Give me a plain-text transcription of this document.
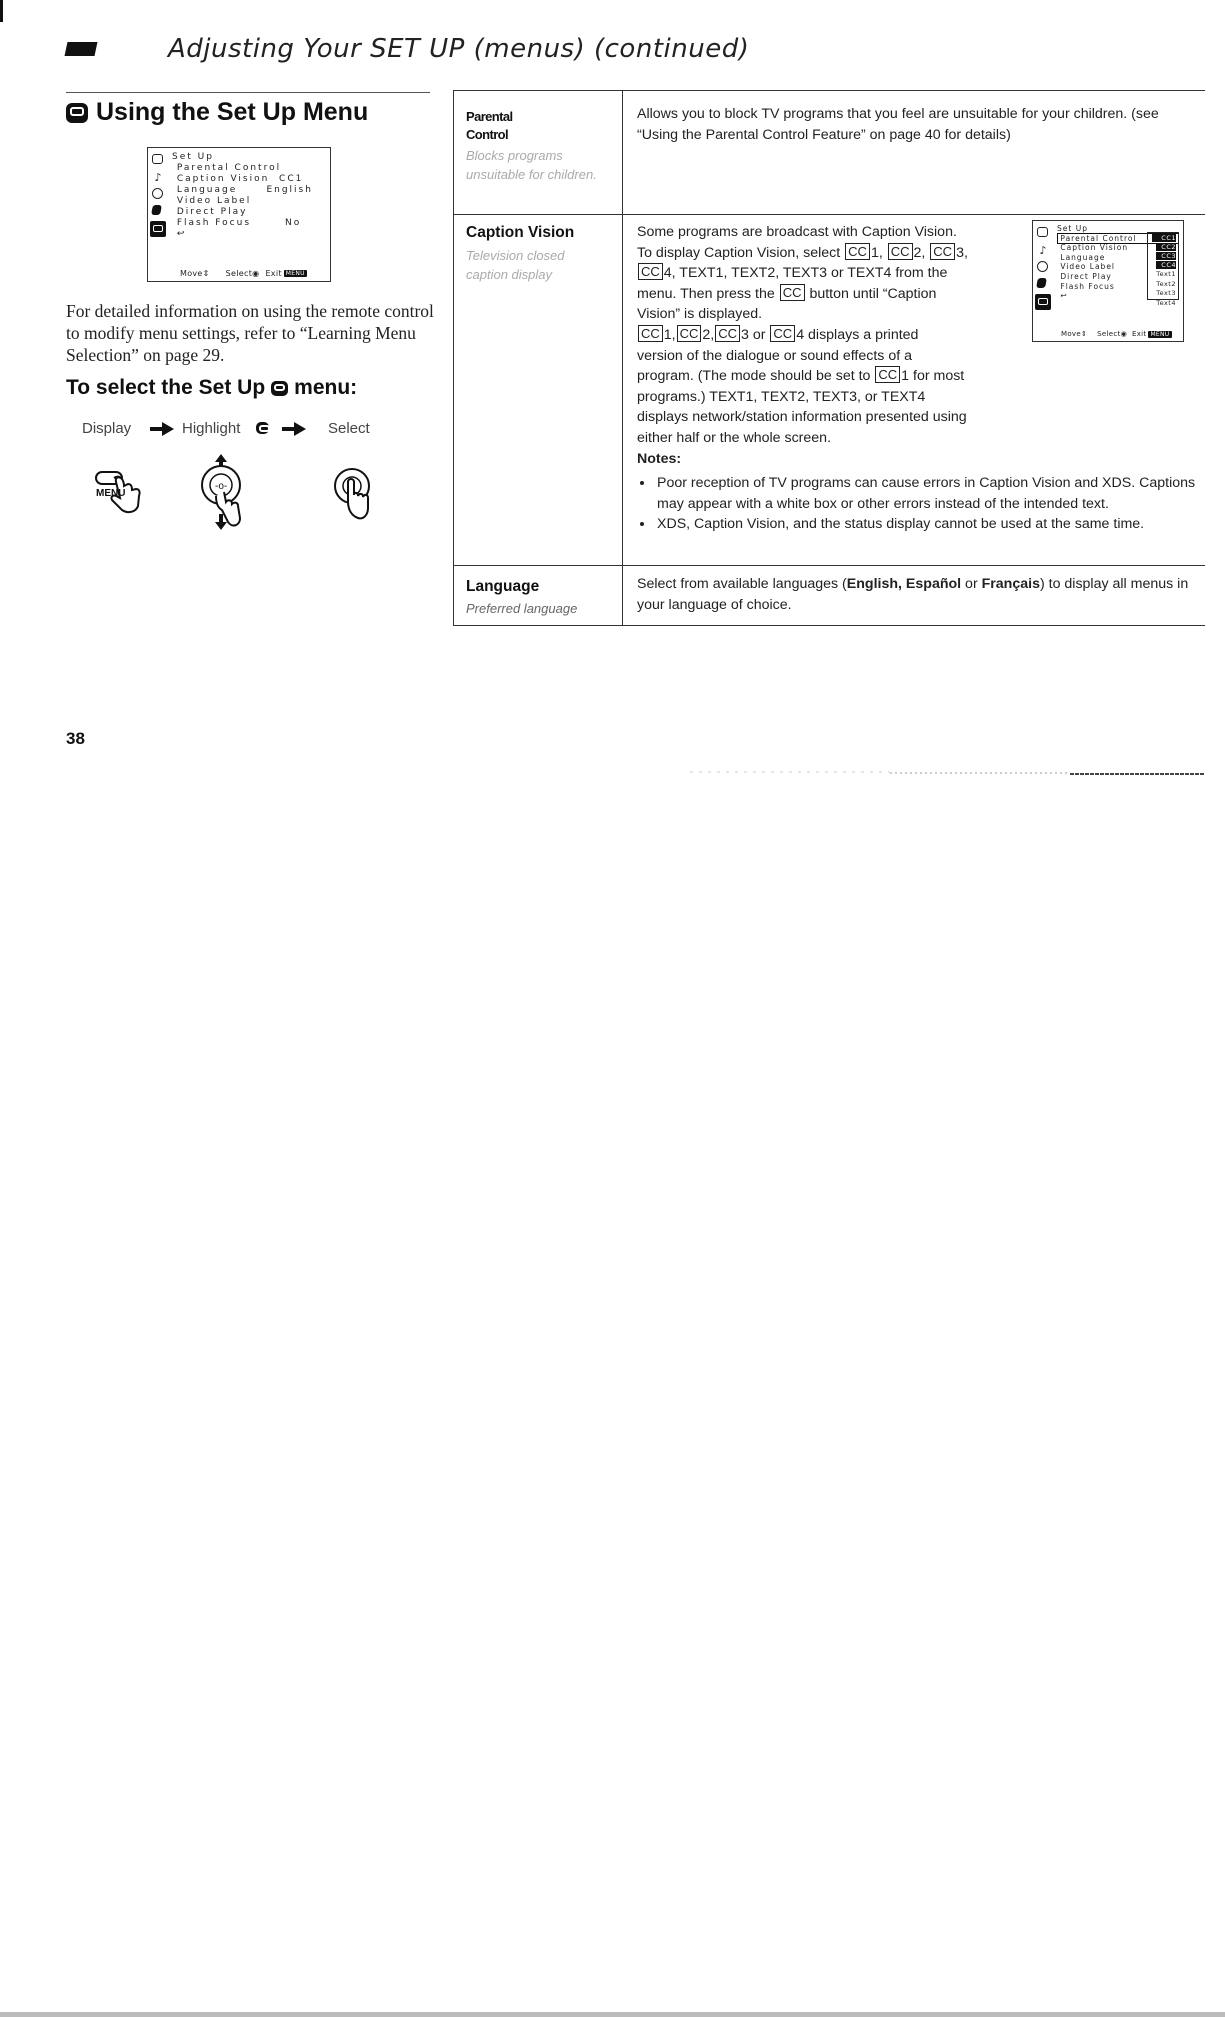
Adjusting Your SET UP (menus) (continued)
Using the Set Up Menu
♪
Set Up
Parental Control
Caption Vision  CC1
Language      English
Video Label
Direct Play
Flash Focus       No
↩
Move⇕ Select◉ Exit MENU
For detailed information on using the remote control to modify menu settings, refer to “Learning Menu Selection” on page 29.
To select the Set Up menu:
Display	Highlight	Select
MENU
-o-
38
Parental
Control
Blocks programs unsuitable for children.
Allows you to block TV programs that you feel are unsuitable for your children. (see “Using the Parental Control Feature” on page 40 for details)
Caption Vision
Television closed caption display
Some programs are broadcast with Caption Vision.
To display Caption Vision, select CC 1, CC 2, CC 3,
CC 4, TEXT1, TEXT2, TEXT3 or TEXT4 from the
menu. Then press the CC button until “Caption
Vision” is displayed.
CC 1, CC 2, CC 3 or CC 4 displays a printed
version of the dialogue or sound effects of a
program. (The mode should be set to CC 1 for most
programs.) TEXT1, TEXT2, TEXT3, or TEXT4
displays network/station information presented using
either half or the whole screen.
Notes:
• Poor reception of TV programs can cause errors in Caption Vision and XDS. Captions may appear with a white box or other errors instead of the intended text.
• XDS, Caption Vision, and the status display cannot be used at the same time.
Language
Preferred language
Select from available languages (English, Español or Français) to display all menus in your language of choice.
♪
Set Up
Parental Control
Caption Vision
Language
Video Label
Direct Play
Flash Focus
↩
CC1
CC2
CC3
CC4
Text1
Text2
Text3
Text4
Move⇕ Select◉ Exit MENU
